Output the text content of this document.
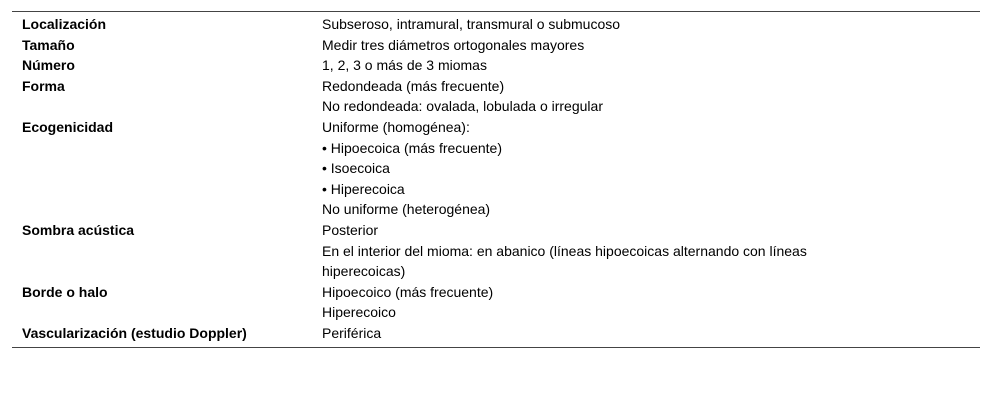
Localización	Subseroso, intramural, transmural o submucoso

Tamaño	Medir tres diámetros ortogonales mayores

Número	1, 2, 3 o más de 3 miomas

Forma	Redondeada (más frecuente)
No redondeada: ovalada, lobulada o irregular

Ecogenicidad	Uniforme (homogénea):
• Hipoecoica (más frecuente)
• Isoecoica
• Hiperecoica
No uniforme (heterogénea)

Sombra acústica	Posterior
En el interior del mioma: en abanico (líneas hipoecoicas alternando con líneas hiperecoicas)

Borde o halo	Hipoecoico (más frecuente)
Hiperecoico

Vascularización (estudio Doppler)	Periférica
